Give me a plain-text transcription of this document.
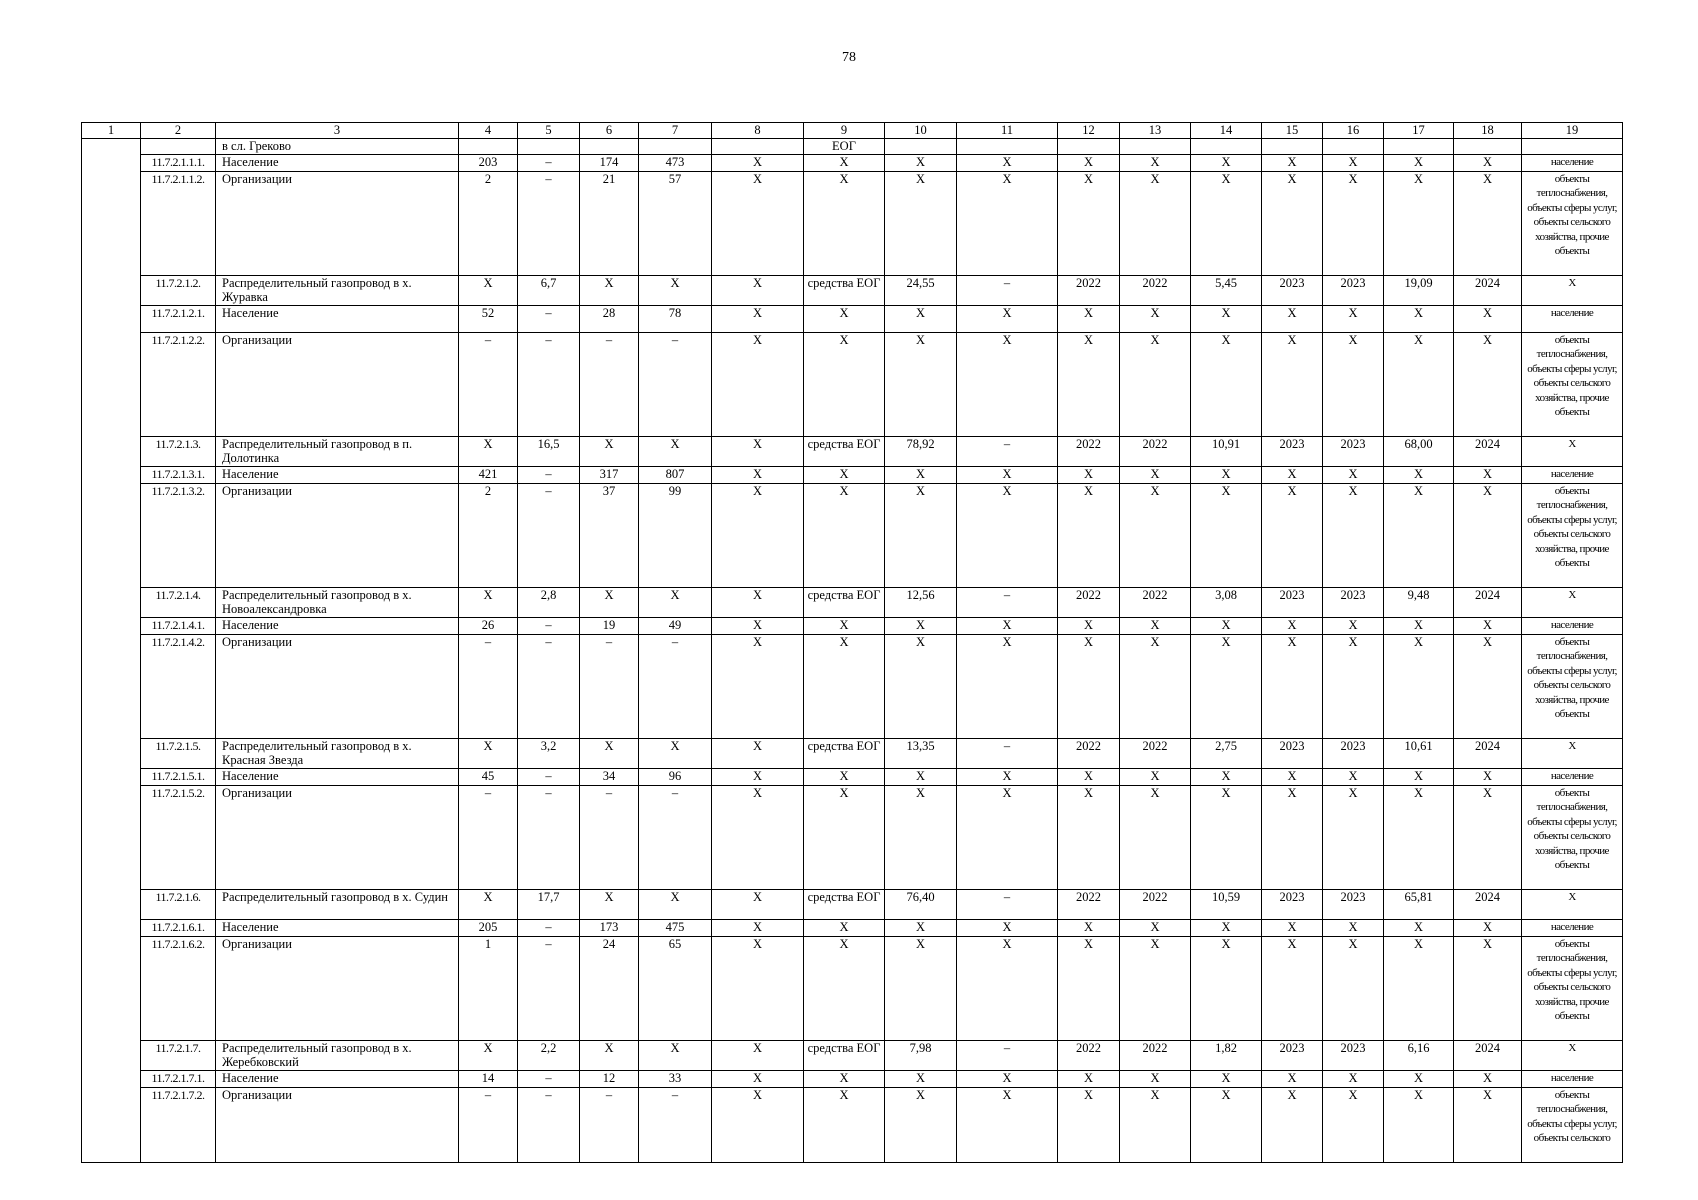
78
1	2	3	4	5	6	7	8	9	10	11	12	13	14	15	16	17	18	19
		в сл. Греково						ЕОГ										
	11.7.2.1.1.1.	Население	203	–	174	473	Х	Х	Х	Х	Х	Х	Х	Х	Х	Х	Х	население
	11.7.2.1.1.2.	Организации	2	–	21	57	Х	Х	Х	Х	Х	Х	Х	Х	Х	Х	Х	объекты теплоснабжения, объекты сферы услуг, объекты сельского хозяйства, прочие объекты
	11.7.2.1.2.	Распределительный газопровод в х. Журавка	Х	6,7	Х	Х	Х	средства ЕОГ	24,55	–	2022	2022	5,45	2023	2023	19,09	2024	Х
	11.7.2.1.2.1.	Население	52	–	28	78	Х	Х	Х	Х	Х	Х	Х	Х	Х	Х	Х	население
	11.7.2.1.2.2.	Организации	–	–	–	–	Х	Х	Х	Х	Х	Х	Х	Х	Х	Х	Х	объекты теплоснабжения, объекты сферы услуг, объекты сельского хозяйства, прочие объекты
	11.7.2.1.3.	Распределительный газопровод в п. Долотинка	Х	16,5	Х	Х	Х	средства ЕОГ	78,92	–	2022	2022	10,91	2023	2023	68,00	2024	Х
	11.7.2.1.3.1.	Население	421	–	317	807	Х	Х	Х	Х	Х	Х	Х	Х	Х	Х	Х	население
	11.7.2.1.3.2.	Организации	2	–	37	99	Х	Х	Х	Х	Х	Х	Х	Х	Х	Х	Х	объекты теплоснабжения, объекты сферы услуг, объекты сельского хозяйства, прочие объекты
	11.7.2.1.4.	Распределительный газопровод в х. Новоалександровка	Х	2,8	Х	Х	Х	средства ЕОГ	12,56	–	2022	2022	3,08	2023	2023	9,48	2024	Х
	11.7.2.1.4.1.	Население	26	–	19	49	Х	Х	Х	Х	Х	Х	Х	Х	Х	Х	Х	население
	11.7.2.1.4.2.	Организации	–	–	–	–	Х	Х	Х	Х	Х	Х	Х	Х	Х	Х	Х	объекты теплоснабжения, объекты сферы услуг, объекты сельского хозяйства, прочие объекты
	11.7.2.1.5.	Распределительный газопровод в х. Красная Звезда	Х	3,2	Х	Х	Х	средства ЕОГ	13,35	–	2022	2022	2,75	2023	2023	10,61	2024	Х
	11.7.2.1.5.1.	Население	45	–	34	96	Х	Х	Х	Х	Х	Х	Х	Х	Х	Х	Х	население
	11.7.2.1.5.2.	Организации	–	–	–	–	Х	Х	Х	Х	Х	Х	Х	Х	Х	Х	Х	объекты теплоснабжения, объекты сферы услуг, объекты сельского хозяйства, прочие объекты
	11.7.2.1.6.	Распределительный газопровод в х. Судин	Х	17,7	Х	Х	Х	средства ЕОГ	76,40	–	2022	2022	10,59	2023	2023	65,81	2024	Х
	11.7.2.1.6.1.	Население	205	–	173	475	Х	Х	Х	Х	Х	Х	Х	Х	Х	Х	Х	население
	11.7.2.1.6.2.	Организации	1	–	24	65	Х	Х	Х	Х	Х	Х	Х	Х	Х	Х	Х	объекты теплоснабжения, объекты сферы услуг, объекты сельского хозяйства, прочие объекты
	11.7.2.1.7.	Распределительный газопровод в х. Жеребковский	Х	2,2	Х	Х	Х	средства ЕОГ	7,98	–	2022	2022	1,82	2023	2023	6,16	2024	Х
	11.7.2.1.7.1.	Население	14	–	12	33	Х	Х	Х	Х	Х	Х	Х	Х	Х	Х	Х	население
	11.7.2.1.7.2.	Организации	–	–	–	–	Х	Х	Х	Х	Х	Х	Х	Х	Х	Х	Х	объекты теплоснабжения, объекты сферы услуг, объекты сельского
